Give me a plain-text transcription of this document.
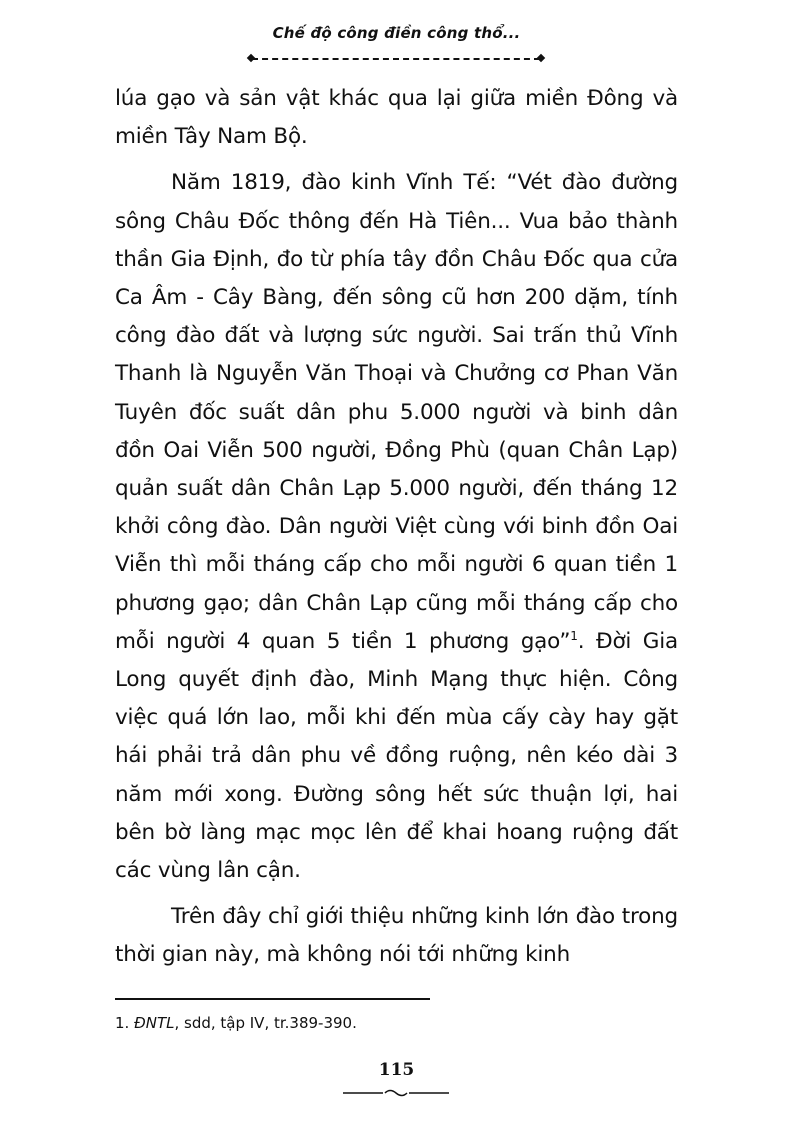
Chế độ công điền công thổ...

lúa gạo và sản vật khác qua lại giữa miền Đông và miền Tây Nam Bộ.

Năm 1819, đào kinh Vĩnh Tế: “Vét đào đường sông Châu Đốc thông đến Hà Tiên... Vua bảo thành thần Gia Định, đo từ phía tây đồn Châu Đốc qua cửa Ca Âm - Cây Bàng, đến sông cũ hơn 200 dặm, tính công đào đất và lượng sức người. Sai trấn thủ Vĩnh Thanh là Nguyễn Văn Thoại và Chưởng cơ Phan Văn Tuyên đốc suất dân phu 5.000 người và binh dân đồn Oai Viễn 500 người, Đồng Phù (quan Chân Lạp) quản suất dân Chân Lạp 5.000 người, đến tháng 12 khởi công đào. Dân người Việt cùng với binh đồn Oai Viễn thì mỗi tháng cấp cho mỗi người 6 quan tiền 1 phương gạo; dân Chân Lạp cũng mỗi tháng cấp cho mỗi người 4 quan 5 tiền 1 phương gạo”$^1$. Đời Gia Long quyết định đào, Minh Mạng thực hiện. Công việc quá lớn lao, mỗi khi đến mùa cấy cày hay gặt hái phải trả dân phu về đồng ruộng, nên kéo dài 3 năm mới xong. Đường sông hết sức thuận lợi, hai bên bờ làng mạc mọc lên để khai hoang ruộng đất các vùng lân cận.

Trên đây chỉ giới thiệu những kinh lớn đào trong thời gian này, mà không nói tới những kinh

1. ĐNTL, sdd, tập IV, tr.389-390.
115
